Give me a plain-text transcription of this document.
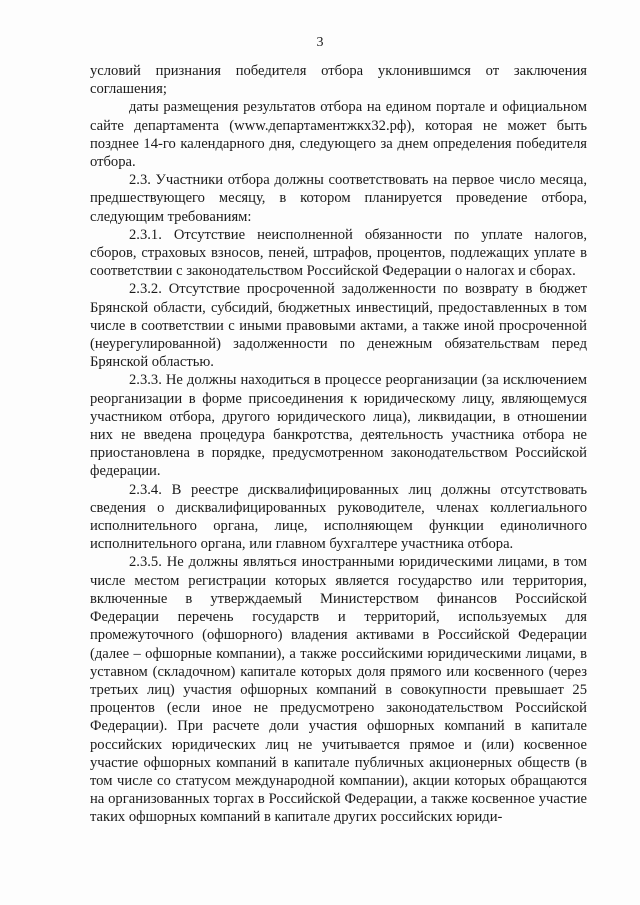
3

условий признания победителя отбора уклонившимся от заключения соглашения;

даты размещения результатов отбора на едином портале и официальном сайте департамента (www.департаментжкх32.рф), которая не может быть позднее 14-го календарного дня, следующего за днем определения победителя отбора.

2.3. Участники отбора должны соответствовать на первое число месяца, предшествующего месяцу, в котором планируется проведение отбора, следующим требованиям:

2.3.1. Отсутствие неисполненной обязанности по уплате налогов, сборов, страховых взносов, пеней, штрафов, процентов, подлежащих уплате в соответствии с законодательством Российской Федерации о налогах и сборах.

2.3.2. Отсутствие просроченной задолженности по возврату в бюджет Брянской области, субсидий, бюджетных инвестиций, предоставленных в том числе в соответствии с иными правовыми актами, а также иной просроченной (неурегулированной) задолженности по денежным обязательствам перед Брянской областью.

2.3.3. Не должны находиться в процессе реорганизации (за исключением реорганизации в форме присоединения к юридическому лицу, являющемуся участником отбора, другого юридического лица), ликвидации, в отношении них не введена процедура банкротства, деятельность участника отбора не приостановлена в порядке, предусмотренном законодательством Российской федерации.

2.3.4. В реестре дисквалифицированных лиц должны отсутствовать сведения о дисквалифицированных руководителе, членах коллегиального исполнительного органа, лице, исполняющем функции единоличного исполнительного органа, или главном бухгалтере участника отбора.

2.3.5. Не должны являться иностранными юридическими лицами, в том числе местом регистрации которых является государство или территория, включенные в утверждаемый Министерством финансов Российской Федерации перечень государств и территорий, используемых для промежуточного (офшорного) владения активами в Российской Федерации (далее – офшорные компании), а также российскими юридическими лицами, в уставном (складочном) капитале которых доля прямого или косвенного (через третьих лиц) участия офшорных компаний в совокупности превышает 25 процентов (если иное не предусмотрено законодательством Российской Федерации). При расчете доли участия офшорных компаний в капитале российских юридических лиц не учитывается прямое и (или) косвенное участие офшорных компаний в капитале публичных акционерных обществ (в том числе со статусом международной компании), акции которых обращаются на организованных торгах в Российской Федерации, а также косвенное участие таких офшорных компаний в капитале других российских юриди-
